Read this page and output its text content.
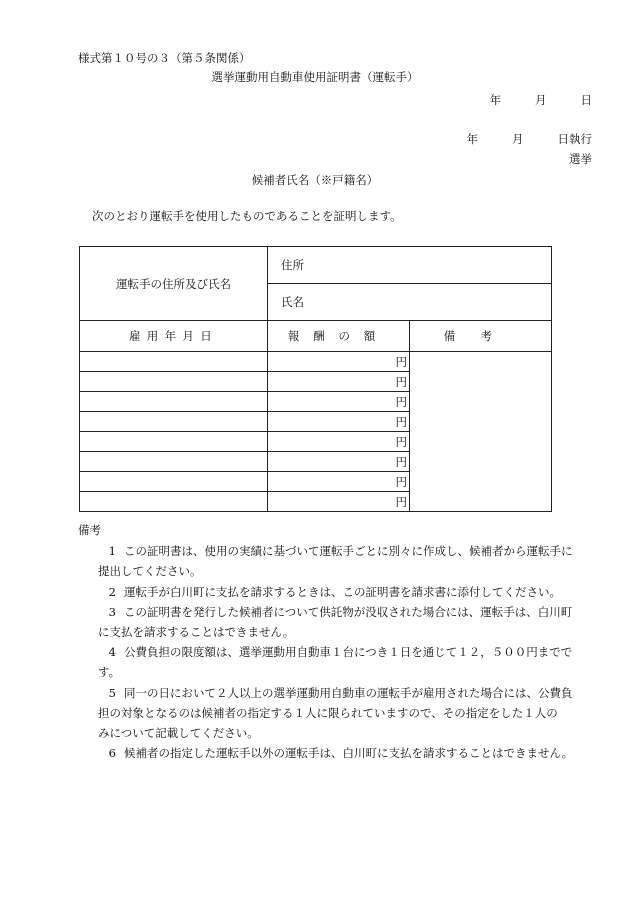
様式第１０号の３（第５条関係）
選挙運動用自動車使用証明書（運転手）
年	月	日
年	月	日執行
選挙
候補者氏名（※戸籍名）
次のとおり運転手を使用したものであることを証明します。
運転手の住所及び氏名	住所	
	氏名	
雇用年月日	報酬の額	備考
	円	
	円	
	円	
	円	
	円	
	円	
	円	
	円	
備考
1 この証明書は、使用の実績に基づいて運転手ごとに別々に作成し、候補者から運転手に
提出してください。
2 運転手が白川町に支払を請求するときは、この証明書を請求書に添付してください。
3 この証明書を発行した候補者について供託物が没収された場合には、運転手は、白川町
に支払を請求することはできません。
4 公費負担の限度額は、選挙運動用自動車１台につき１日を通じて１２，５００円までで
す。
5 同一の日において２人以上の選挙運動用自動車の運転手が雇用された場合には、公費負
担の対象となるのは候補者の指定する１人に限られていますので、その指定をした１人の
みについて記載してください。
6 候補者の指定した運転手以外の運転手は、白川町に支払を請求することはできません。
